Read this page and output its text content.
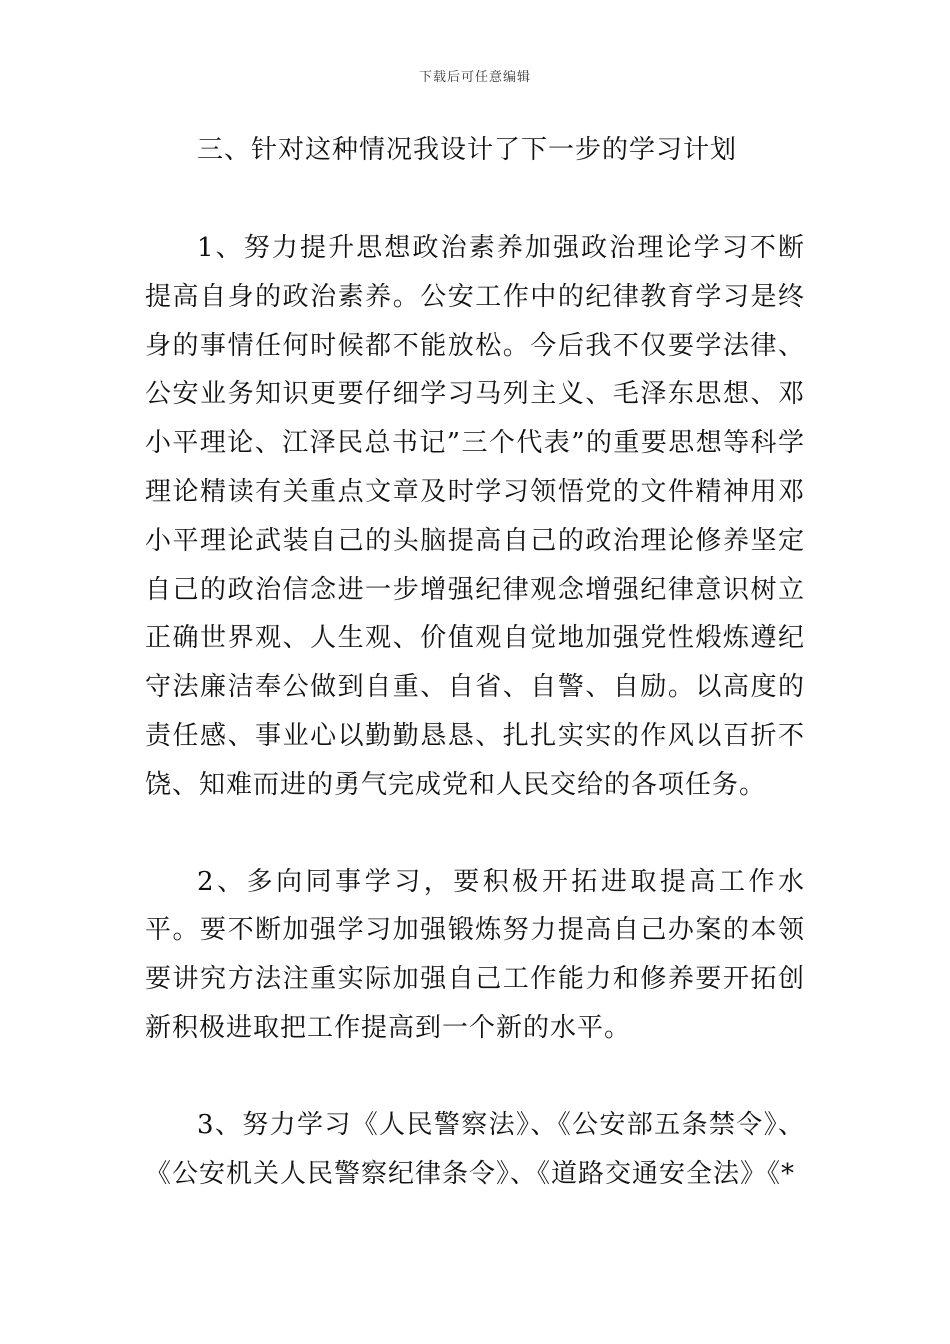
下载后可任意编辑

三、针对这种情况我设计了下一步的学习计划

1、努力提升思想政治素养加强政治理论学习不断提高自身的政治素养。公安工作中的纪律教育学习是终身的事情任何时候都不能放松。今后我不仅要学法律、公安业务知识更要仔细学习马列主义、毛泽东思想、邓小平理论、江泽民总书记”三个代表”的重要思想等科学理论精读有关重点文章及时学习领悟党的文件精神用邓小平理论武装自己的头脑提高自己的政治理论修养坚定自己的政治信念进一步增强纪律观念增强纪律意识树立正确世界观、人生观、价值观自觉地加强党性煅炼遵纪守法廉洁奉公做到自重、自省、自警、自励。以高度的责任感、事业心以勤勤恳恳、扎扎实实的作风以百折不饶、知难而进的勇气完成党和人民交给的各项任务。

2、多向同事学习，要积极开拓进取提高工作水平。要不断加强学习加强锻炼努力提高自己办案的本领要讲究方法注重实际加强自己工作能力和修养要开拓创新积极进取把工作提高到一个新的水平。

3、努力学习《人民警察法》、《公安部五条禁令》、《公安机关人民警察纪律条令》、《道路交通安全法》《*
